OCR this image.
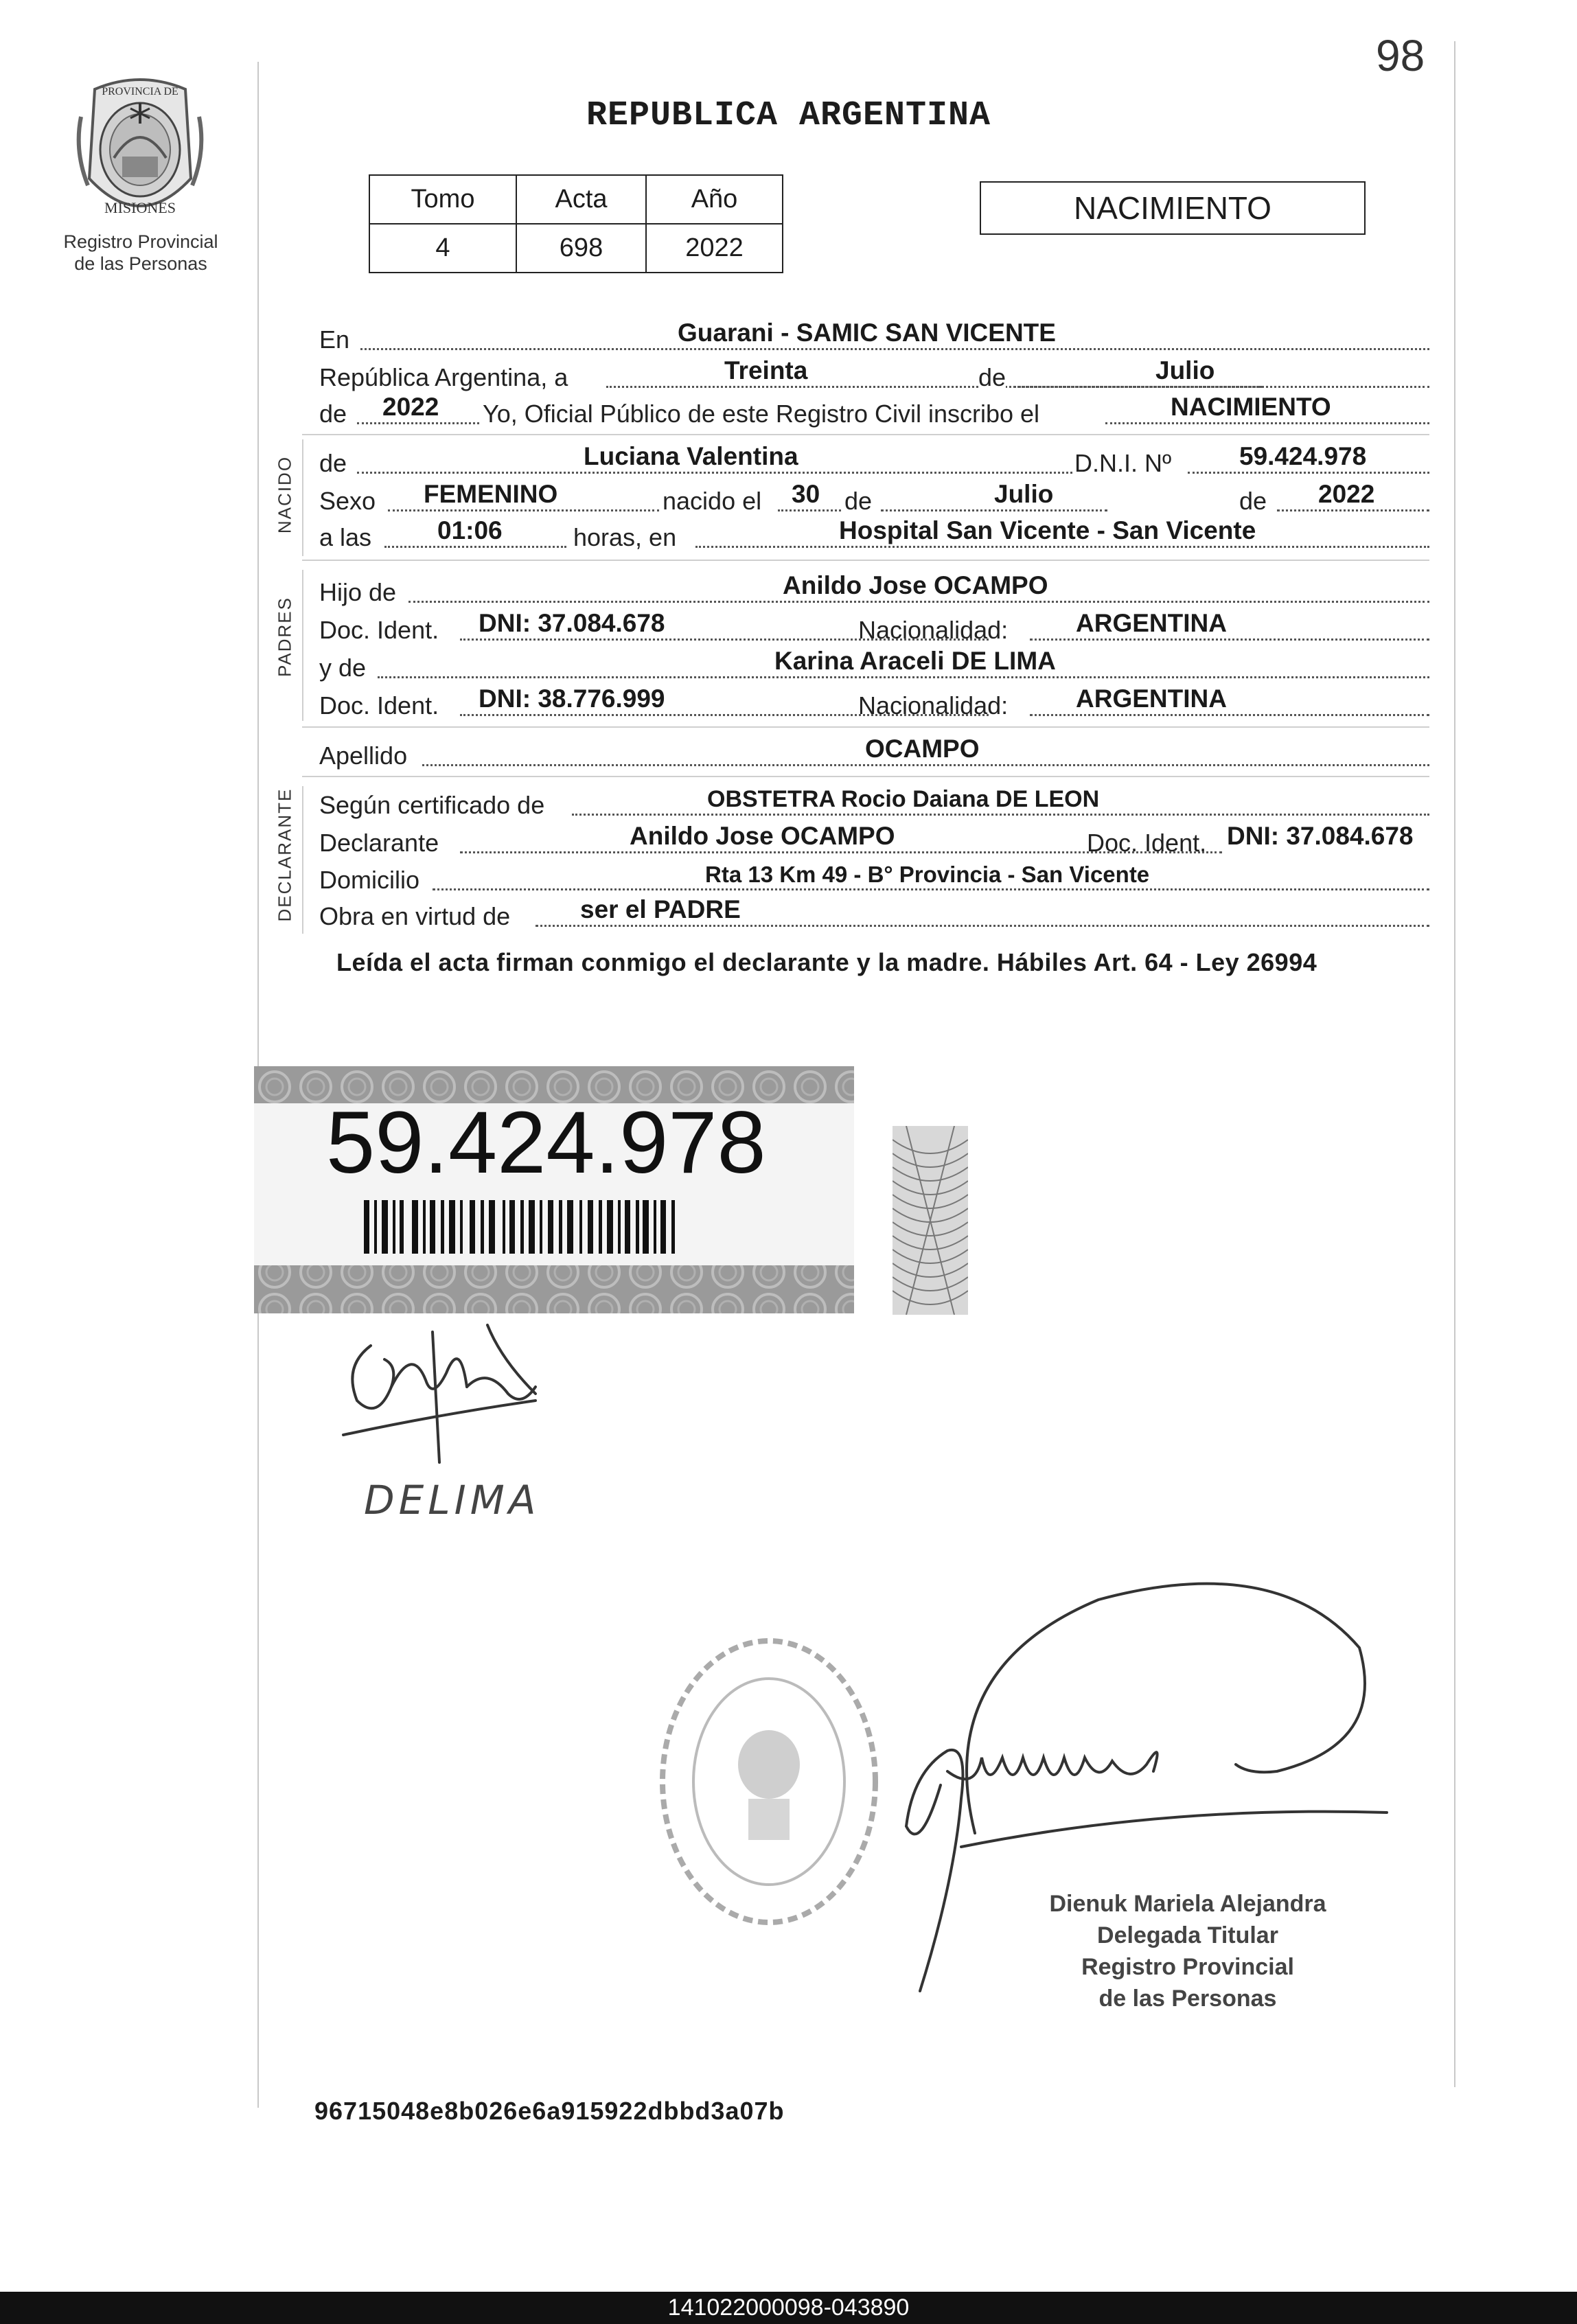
98
PROVINCIA DE
MISIONES
Registro Provincial
de las Personas
REPUBLICA ARGENTINA
Tomo	Acta	Año
4	698	2022
NACIMIENTO
En	Guarani - SAMIC SAN VICENTE
República Argentina, a	Treinta	de	Julio
de 2022 Yo, Oficial Público de este Registro Civil inscribo el	NACIMIENTO
NACIDO de	Luciana Valentina	D.N.I. Nº	59.424.978
Sexo FEMENINO	nacido el 30 de	Julio	de 2022
a las	01:06	horas, en	Hospital San Vicente - San Vicente
PADRES
Hijo de	Anildo Jose OCAMPO
Doc. Ident. DNI: 37.084.678	Nacionalidad:	ARGENTINA
y de	Karina Araceli DE LIMA
Doc. Ident. DNI: 38.776.999	Nacionalidad:	ARGENTINA
Apellido	OCAMPO
DECLARANTE Según certificado de	OBSTETRA Rocio Daiana DE LEON
Declarante	Anildo Jose OCAMPO	Doc. Ident. DNI: 37.084.678
Domicilio	Rta 13 Km 49 - B° Provincia - San Vicente
Obra en virtud de	ser el PADRE
Leída el acta firman conmigo el declarante y la madre. Hábiles Art. 64 - Ley 26994
59.424.978
DELIMA
Dienuk Mariela Alejandra
Delegada Titular
Registro Provincial
de las Personas
96715048e8b026e6a915922dbbd3a07b
141022000098-043890
